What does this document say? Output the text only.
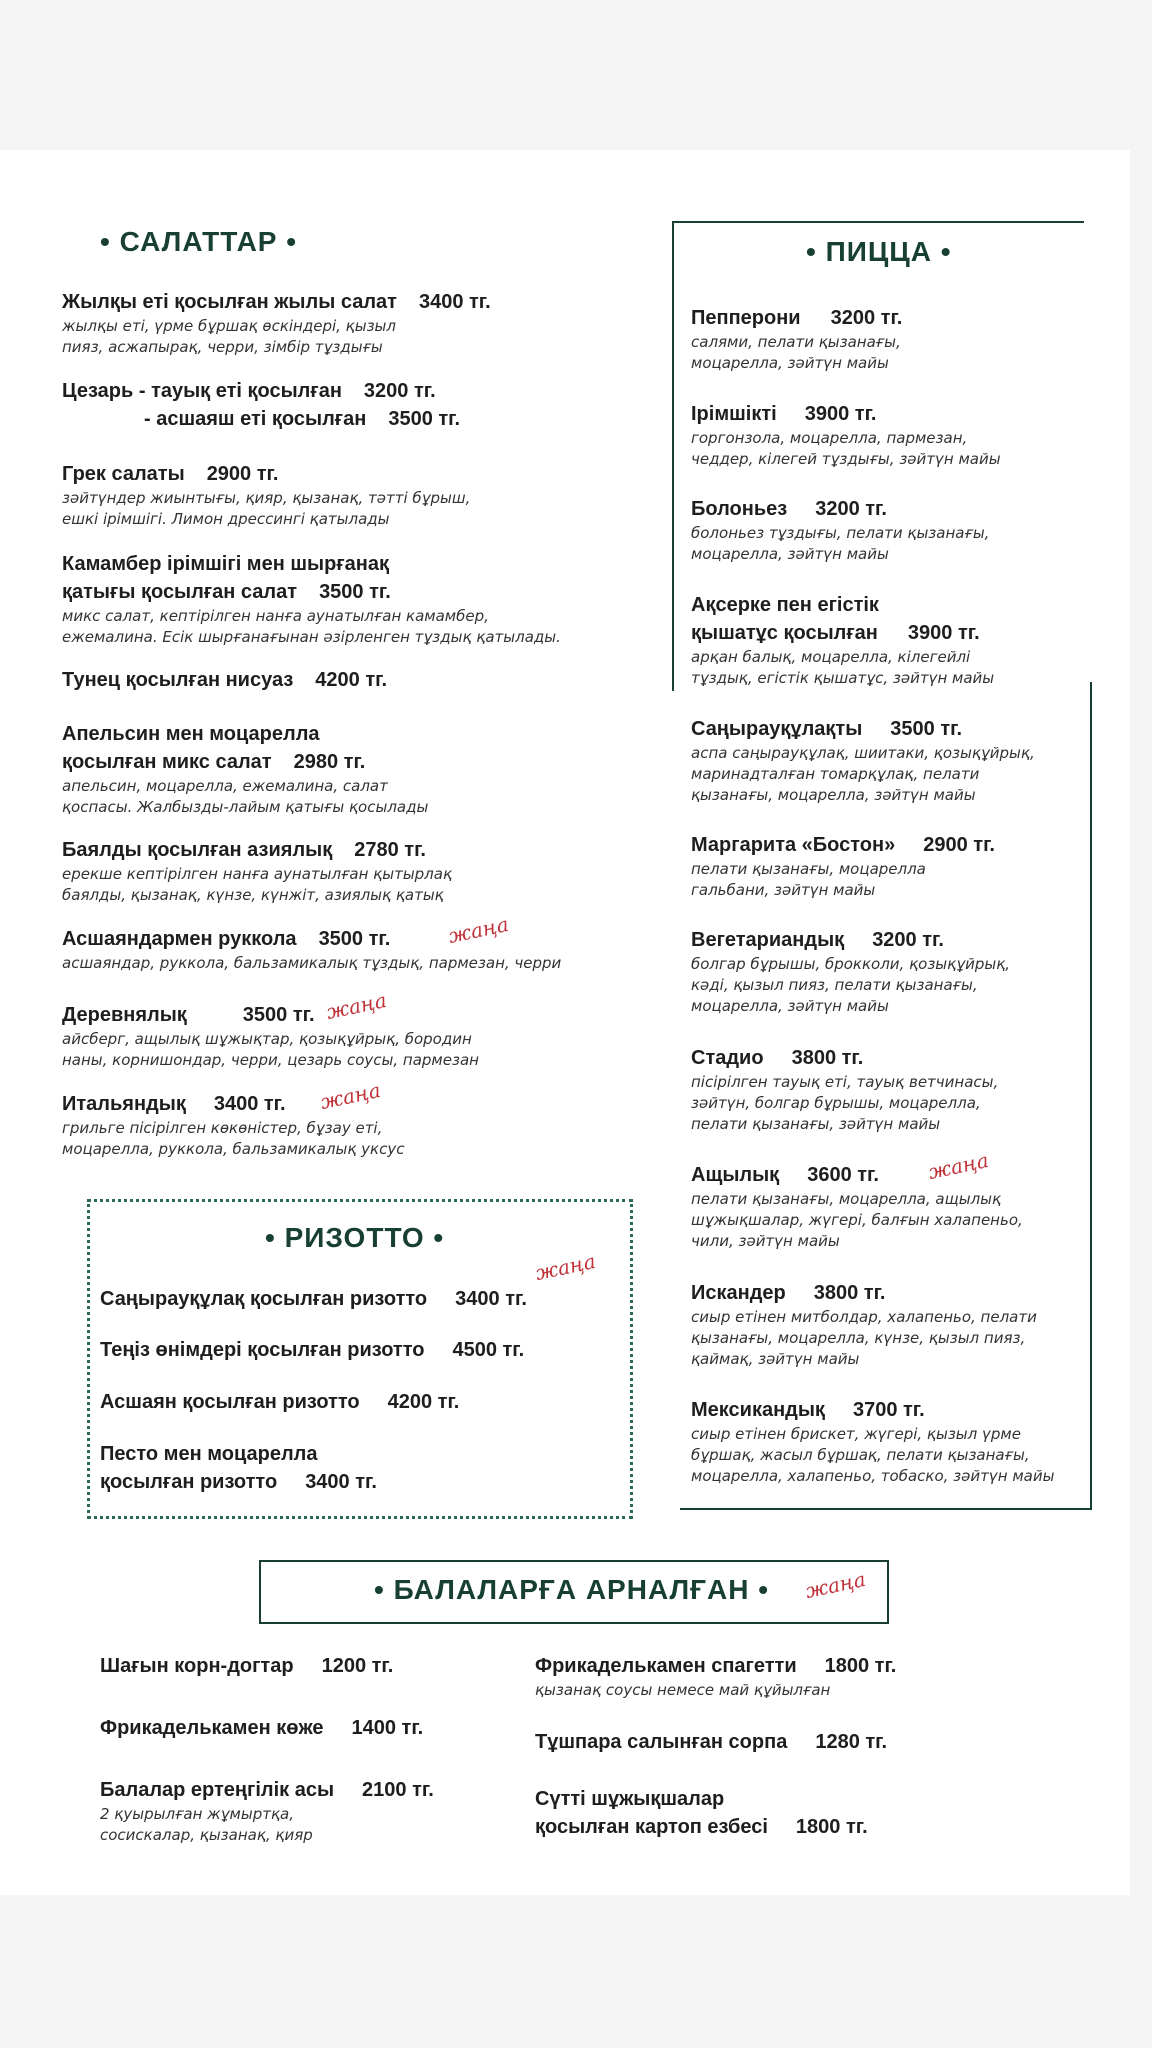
• САЛАТТАР •
Жылқы еті қосылған жылы салат 3400 тг.
жылқы еті, үрме бұршақ өскіндері, қызыл
пияз, асжапырақ, черри, зімбір тұздығы
Цезарь - тауық еті қосылған 3200 тг.
- асшаяш еті қосылған 3500 тг.
Грек салаты 2900 тг.
зәйтүндер жиынтығы, қияр, қызанақ, тәтті бұрыш,
ешкі ірімшігі. Лимон дрессингі қатылады
Камамбер ірімшігі мен шырғанақ
қатығы қосылған салат 3500 тг.
микс салат, кептірілген нанға аунатылған камамбер,
ежемалина. Есік шырғанағынан әзірленген тұздық қатылады.
Тунец қосылған нисуаз 4200 тг.
Апельсин мен моцарелла
қосылған микс салат 2980 тг.
апельсин, моцарелла, ежемалина, салат
қоспасы. Жалбызды-лайым қатығы қосылады
Баялды қосылған азиялық 2780 тг.
ерекше кептірілген нанға аунатылған қытырлақ
баялды, қызанақ, күнзе, күнжіт, азиялық қатық
Асшаяндармен руккола 3500 тг.
асшаяндар, руккола, бальзамикалық тұздық, пармезан, черри
жаңа
Деревнялық	3500 тг.
айсберг, ащылық шұжықтар, қозықұйрық, бородин
наны, корнишондар, черри, цезарь соусы, пармезан
жаңа
Итальяндық 3400 тг.
грильге пісірілген көкөністер, бұзау еті,
моцарелла, руккола, бальзамикалық уксус
жаңа
• РИЗОТТО •
жаңа
Саңырауқұлақ қосылған ризотто 3400 тг.
Теңіз өнімдері қосылған ризотто 4500 тг.
Асшаян қосылған ризотто 4200 тг.
Песто мен моцарелла
қосылған ризотто 3400 тг.
• ПИЦЦА •
Пепперони 3200 тг.
салями, пелати қызанағы,
моцарелла, зәйтүн майы
Ірімшікті 3900 тг.
горгонзола, моцарелла, пармезан,
чеддер, кілегей тұздығы, зәйтүн майы
Болоньез 3200 тг.
болоньез тұздығы, пелати қызанағы,
моцарелла, зәйтүн майы
Ақсерке пен егістік
қышатұс қосылған 3900 тг.
арқан балық, моцарелла, кілегейлі
тұздық, егістік қышатұс, зәйтүн майы
Саңырауқұлақты 3500 тг.
аспа саңырауқұлақ, шиитаки, қозықұйрық,
маринадталған томарқұлақ, пелати
қызанағы, моцарелла, зәйтүн майы
Маргарита «Бостон» 2900 тг.
пелати қызанағы, моцарелла
гальбани, зәйтүн майы
Вегетариандық 3200 тг.
болгар бұрышы, брокколи, қозықұйрық,
кәді, қызыл пияз, пелати қызанағы,
моцарелла, зәйтүн майы
Стадио 3800 тг.
пісірілген тауық еті, тауық ветчинасы,
зәйтүн, болгар бұрышы, моцарелла,
пелати қызанағы, зәйтүн майы
Ащылық 3600 тг.
пелати қызанағы, моцарелла, ащылық
шұжықшалар, жүгері, балғын халапеньо,
чили, зәйтүн майы
жаңа
Искандер 3800 тг.
сиыр етінен митболдар, халапеньо, пелати
қызанағы, моцарелла, күнзе, қызыл пияз,
қаймақ, зәйтүн майы
Мексикандық 3700 тг.
сиыр етінен брискет, жүгері, қызыл үрме
бұршақ, жасыл бұршақ, пелати қызанағы,
моцарелла, халапеньо, тобаско, зәйтүн майы
• БАЛАЛАРҒА АРНАЛҒАН • жаңа
Шағын корн-догтар 1200 тг.
Фрикаделькамен көже 1400 тг.
Балалар ертеңгілік асы 2100 тг.
2 қуырылған жұмыртқа,
сосискалар, қызанақ, қияр
Фрикаделькамен спагетти 1800 тг.
қызанақ соусы немесе май құйылған
Тұшпара салынған сорпа 1280 тг.
Сүтті шұжықшалар
қосылған картоп езбесі 1800 тг.
